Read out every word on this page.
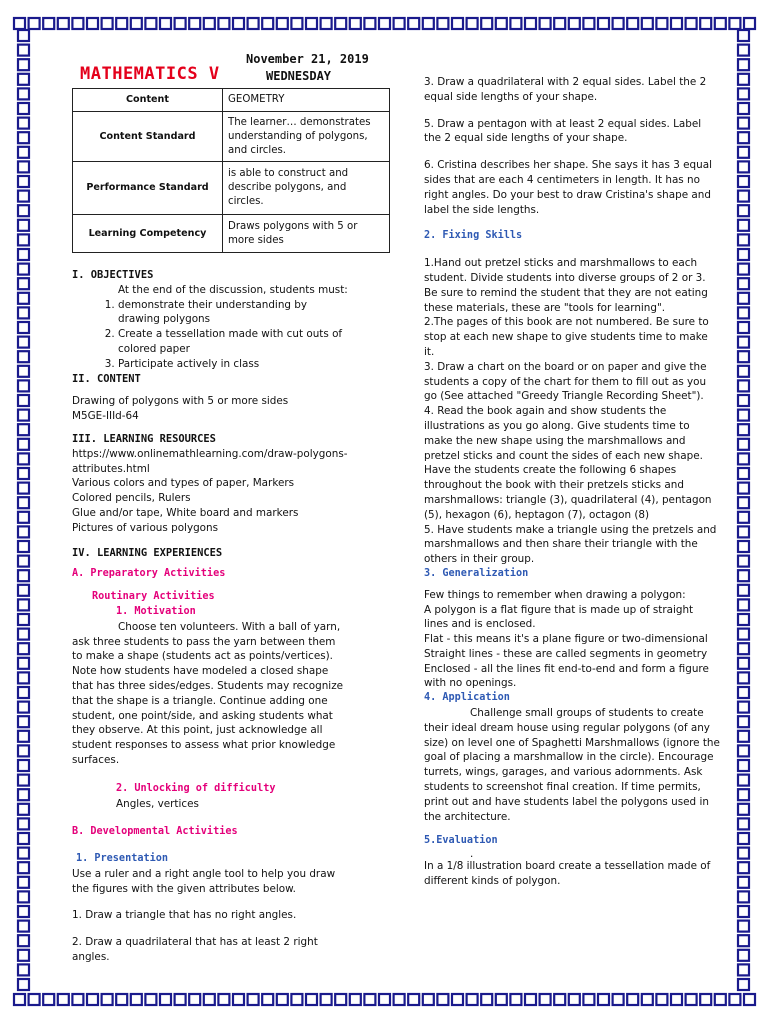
November 21, 2019
MATHEMATICS V	WEDNESDAY
Content	GEOMETRY
Content Standard	The learner… demonstrates understanding of polygons, and circles.
Performance Standard	is able to construct and describe polygons, and circles.
Learning Competency	Draws polygons with 5 or more sides

I. OBJECTIVES

At the end of the discussion, students must:

1. demonstrate their understanding by drawing polygons
2. Create a tessellation made with cut outs of colored paper
3. Participate actively in class

II. CONTENT

Drawing of polygons with 5 or more sides

M5GE-IIId-64

III. LEARNING RESOURCES

https://www.onlinemathlearning.com/draw-polygons-attributes.html

Various colors and types of paper, Markers

Colored pencils, Rulers

Glue and/or tape, White board and markers

Pictures of various polygons

IV. LEARNING EXPERIENCES

A. Preparatory Activities

Routinary Activities

1. Motivation

Choose ten volunteers. With a ball of yarn, ask three students to pass the yarn between them to make a shape (students act as points/vertices). Note how students have modeled a closed shape that has three sides/edges. Students may recognize that the shape is a triangle. Continue adding one student, one point/side, and asking students what they observe. At this point, just acknowledge all student responses to assess what prior knowledge surfaces.

2. Unlocking of difficulty

Angles, vertices

B. Developmental Activities

1. Presentation

Use a ruler and a right angle tool to help you draw the figures with the given attributes below.

1. Draw a triangle that has no right angles.

2. Draw a quadrilateral that has at least 2 right angles.

3. Draw a quadrilateral with 2 equal sides. Label the 2 equal side lengths of your shape.

5. Draw a pentagon with at least 2 equal sides. Label the 2 equal side lengths of your shape.

6. Cristina describes her shape. She says it has 3 equal sides that are each 4 centimeters in length. It has no right angles. Do your best to draw Cristina's shape and label the side lengths.

2. Fixing Skills

1.Hand out pretzel sticks and marshmallows to each student. Divide students into diverse groups of 2 or 3. Be sure to remind the student that they are not eating these materials, these are "tools for learning".

2.The pages of this book are not numbered. Be sure to stop at each new shape to give students time to make it.

3. Draw a chart on the board or on paper and give the students a copy of the chart for them to fill out as you go (See attached "Greedy Triangle Recording Sheet").

4. Read the book again and show students the illustrations as you go along. Give students time to make the new shape using the marshmallows and pretzel sticks and count the sides of each new shape. Have the students create the following 6 shapes throughout the book with their pretzels sticks and marshmallows: triangle (3), quadrilateral (4), pentagon (5), hexagon (6), heptagon (7), octagon (8)

5. Have students make a triangle using the pretzels and marshmallows and then share their triangle with the others in their group.

3. Generalization

Few things to remember when drawing a polygon:

A polygon is a flat figure that is made up of straight lines and is enclosed.

Flat - this means it's a plane figure or two-dimensional

Straight lines - these are called segments in geometry

Enclosed - all the lines fit end-to-end and form a figure with no openings.

4. Application

Challenge small groups of students to create their ideal dream house using regular polygons (of any size) on level one of Spaghetti Marshmallows (ignore the goal of placing a marshmallow in the circle). Encourage turrets, wings, garages, and various adornments. Ask students to screenshot final creation. If time permits, print out and have students label the polygons used in the architecture.

5.Evaluation

.

In a 1/8 illustration board create a tessellation made of different kinds of polygon.
